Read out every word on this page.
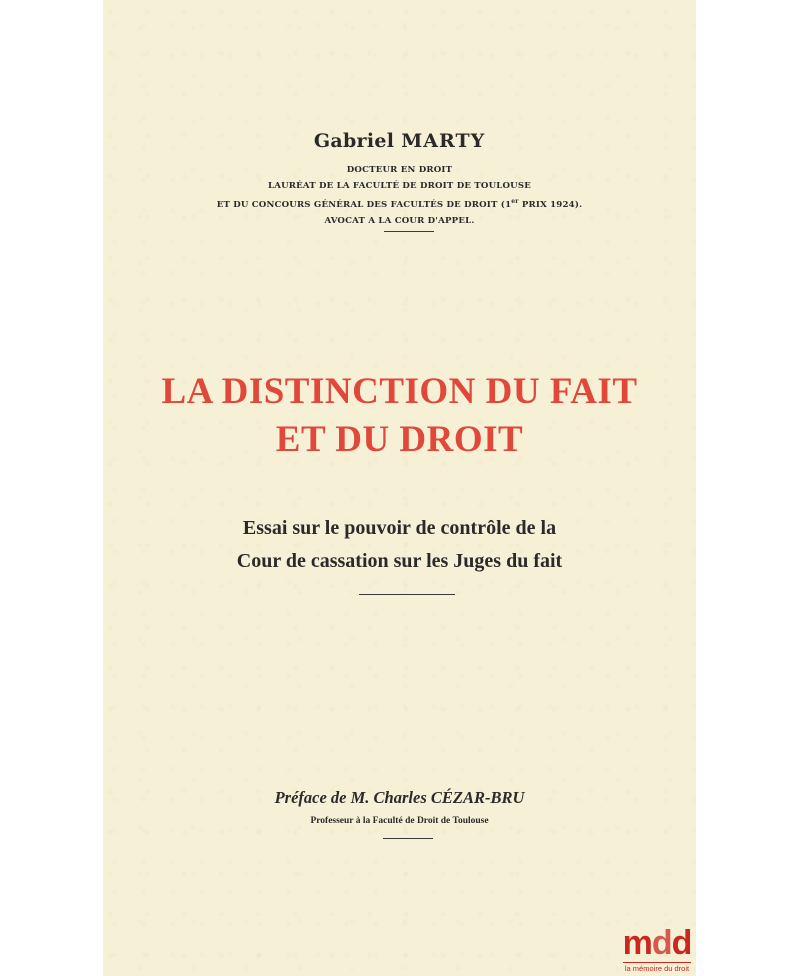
Gabriel MARTY
DOCTEUR EN DROIT
LAURÉAT DE LA FACULTÉ DE DROIT DE TOULOUSE
ET DU CONCOURS GÉNÉRAL DES FACULTÉS DE DROIT (1er PRIX 1924).
AVOCAT A LA COUR D'APPEL.
LA DISTINCTION DU FAIT
ET DU DROIT
Essai sur le pouvoir de contrôle de la
Cour de cassation sur les Juges du fait
Préface de M. Charles CÉZAR-BRU
Professeur à la Faculté de Droit de Toulouse
mdd
la mémoire du droit
